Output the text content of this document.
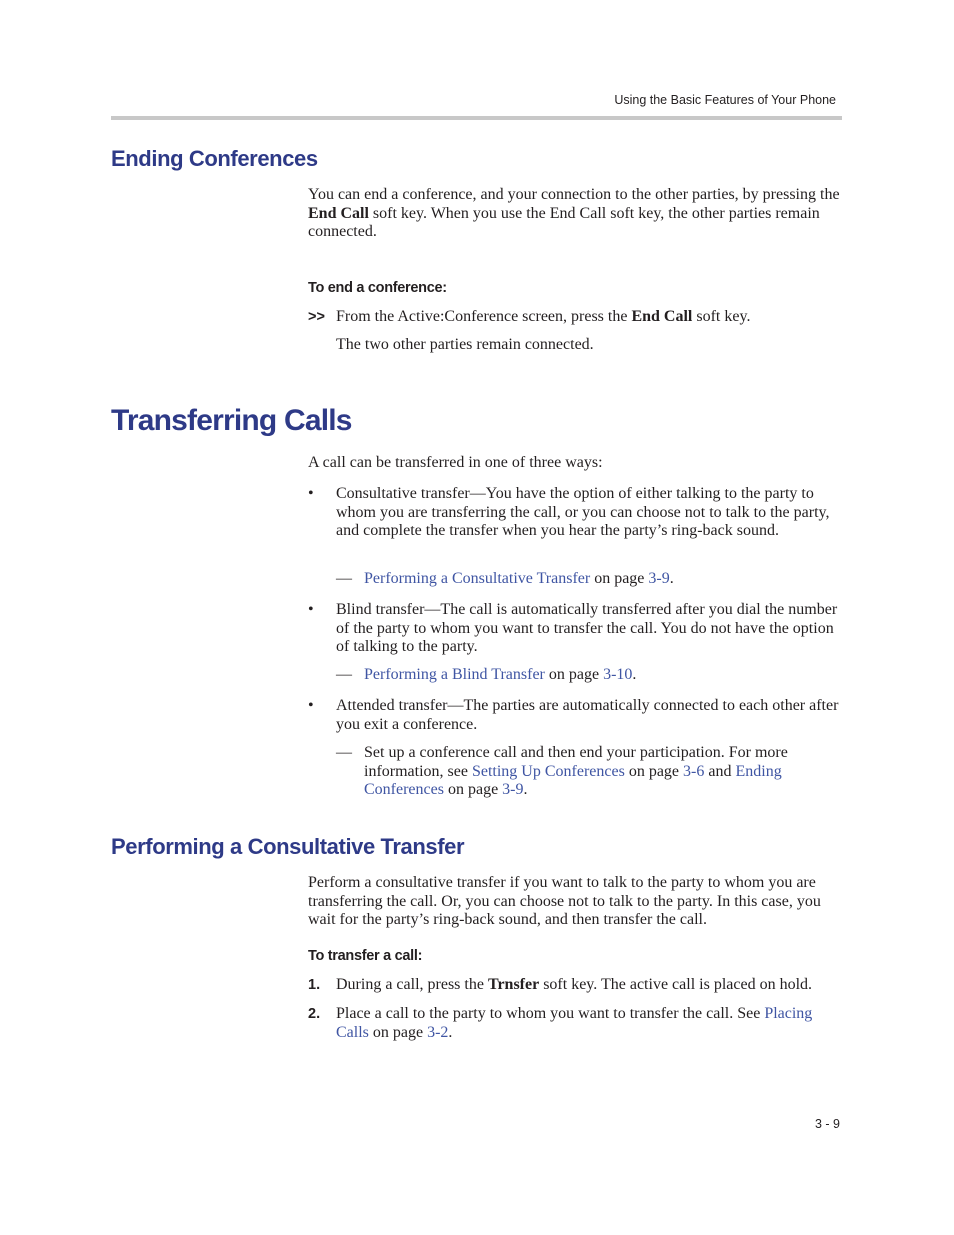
Using the Basic Features of Your Phone
Ending Conferences
You can end a conference, and your connection to the other parties, by pressing the End Call soft key. When you use the End Call soft key, the other parties remain connected.
To end a conference:
>> From the Active:Conference screen, press the End Call soft key.
The two other parties remain connected.
Transferring Calls
A call can be transferred in one of three ways:
•	Consultative transfer—You have the option of either talking to the party to whom you are transferring the call, or you can choose not to talk to the party, and complete the transfer when you hear the party’s ring-back sound.
— Performing a Consultative Transfer on page 3-9.
•	Blind transfer—The call is automatically transferred after you dial the number of the party to whom you want to transfer the call. You do not have the option of talking to the party.
— Performing a Blind Transfer on page 3-10.
•	Attended transfer—The parties are automatically connected to each other after you exit a conference.
— Set up a conference call and then end your participation. For more information, see Setting Up Conferences on page 3-6 and Ending Conferences on page 3-9.
Performing a Consultative Transfer
Perform a consultative transfer if you want to talk to the party to whom you are transferring the call. Or, you can choose not to talk to the party. In this case, you wait for the party’s ring-back sound, and then transfer the call.
To transfer a call:
1. During a call, press the Trnsfer soft key. The active call is placed on hold.
2. Place a call to the party to whom you want to transfer the call. See Placing Calls on page 3-2.
3 - 9
